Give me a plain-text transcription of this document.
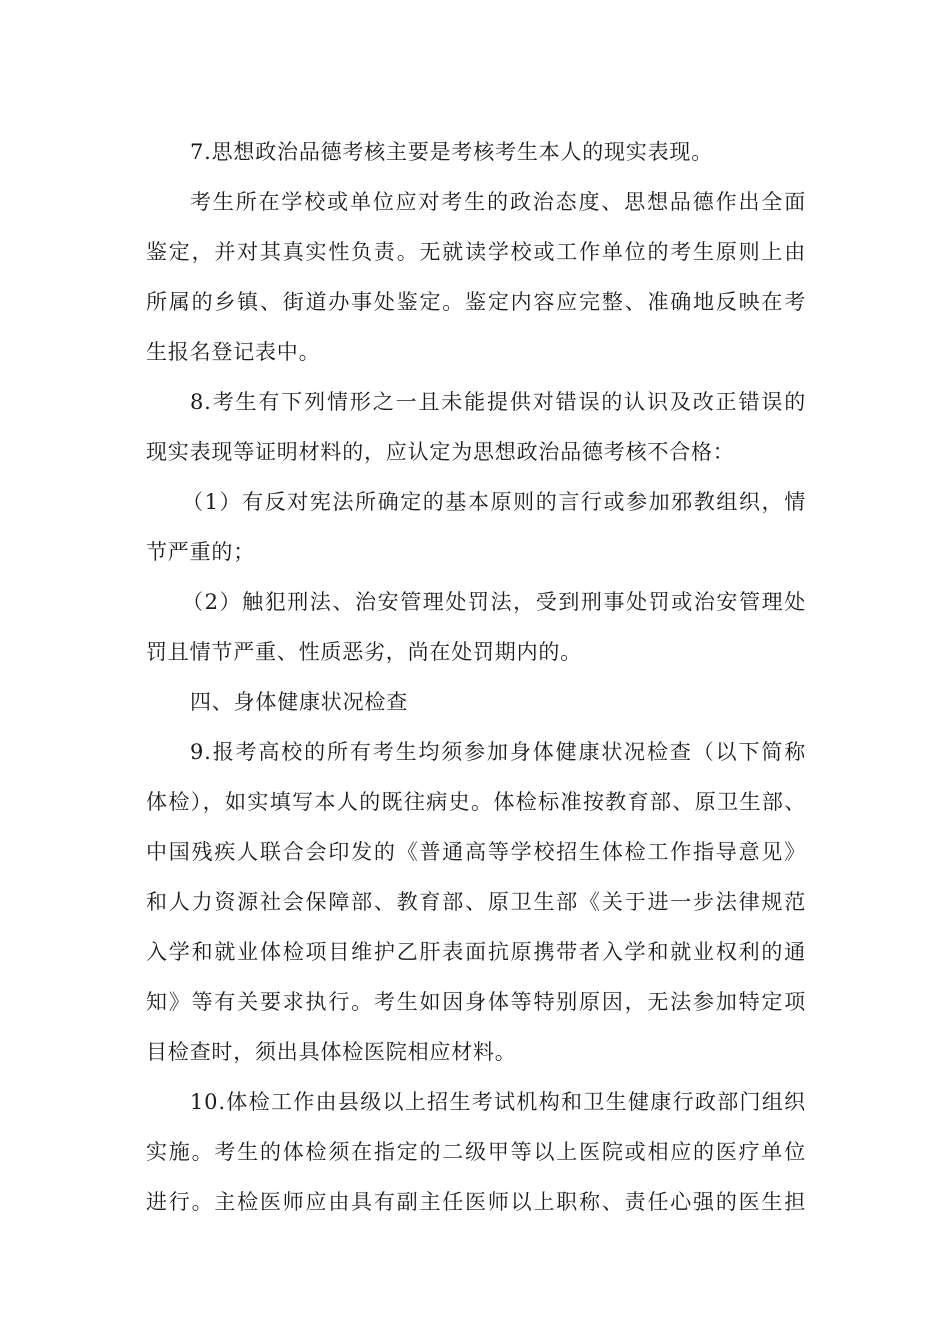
7.思想政治品德考核主要是考核考生本人的现实表现。
考生所在学校或单位应对考生的政治态度、思想品德作出全面
鉴定，并对其真实性负责。无就读学校或工作单位的考生原则上由
所属的乡镇、街道办事处鉴定。鉴定内容应完整、准确地反映在考
生报名登记表中。
8.考生有下列情形之一且未能提供对错误的认识及改正错误的
现实表现等证明材料的，应认定为思想政治品德考核不合格：
（1）有反对宪法所确定的基本原则的言行或参加邪教组织，情
节严重的；
（2）触犯刑法、治安管理处罚法，受到刑事处罚或治安管理处
罚且情节严重、性质恶劣，尚在处罚期内的。
四、身体健康状况检查
9.报考高校的所有考生均须参加身体健康状况检查（以下简称
体检），如实填写本人的既往病史。体检标准按教育部、原卫生部、
中国残疾人联合会印发的《普通高等学校招生体检工作指导意见》
和人力资源社会保障部、教育部、原卫生部《关于进一步法律规范
入学和就业体检项目维护乙肝表面抗原携带者入学和就业权利的通
知》等有关要求执行。考生如因身体等特别原因，无法参加特定项
目检查时，须出具体检医院相应材料。
10.体检工作由县级以上招生考试机构和卫生健康行政部门组织
实施。考生的体检须在指定的二级甲等以上医院或相应的医疗单位
进行。主检医师应由具有副主任医师以上职称、责任心强的医生担
